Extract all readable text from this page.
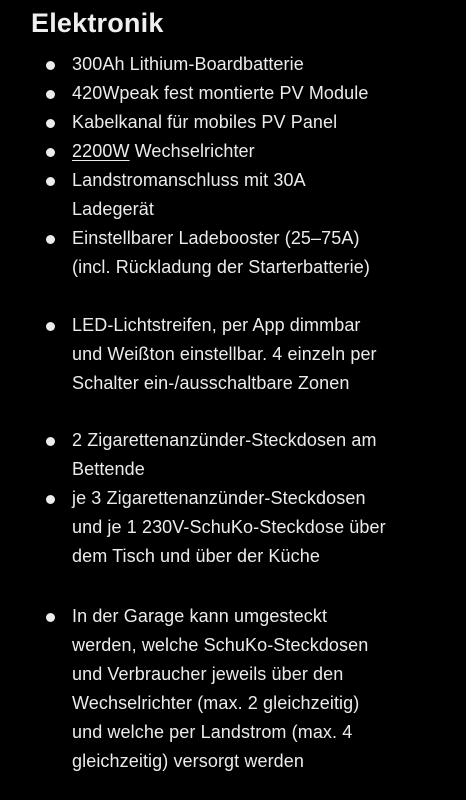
Elektronik
300Ah Lithium-Boardbatterie
420Wpeak fest montierte PV Module
Kabelkanal für mobiles PV Panel
2200W Wechselrichter
Landstromanschluss mit 30A
Ladegerät
Einstellbarer Ladebooster (25–75A)
(incl. Rückladung der Starterbatterie)
LED-Lichtstreifen, per App dimmbar
und Weißton einstellbar. 4 einzeln per
Schalter ein-/ausschaltbare Zonen
2 Zigarettenanzünder-Steckdosen am
Bettende
je 3 Zigarettenanzünder-Steckdosen
und je 1 230V-SchuKo-Steckdose über
dem Tisch und über der Küche
In der Garage kann umgesteckt
werden, welche SchuKo-Steckdosen
und Verbraucher jeweils über den
Wechselrichter (max. 2 gleichzeitig)
und welche per Landstrom (max. 4
gleichzeitig) versorgt werden
